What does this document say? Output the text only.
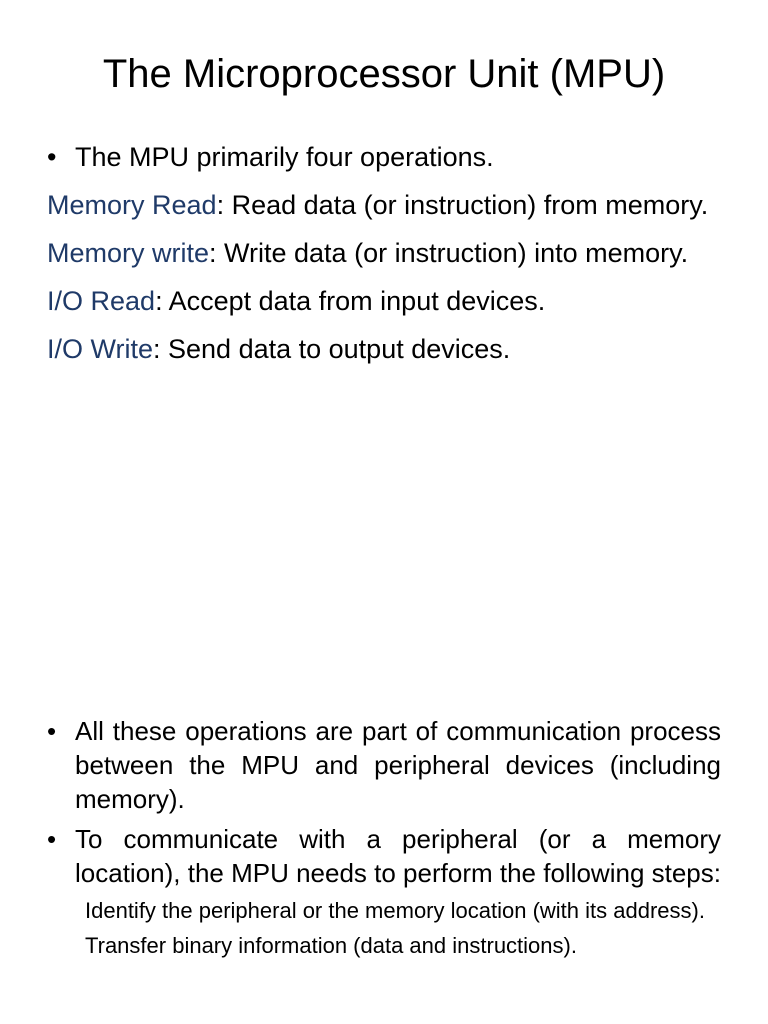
The Microprocessor Unit (MPU)
• The MPU primarily four operations.
Memory Read: Read data (or instruction) from memory.
Memory write: Write data (or instruction) into memory.
I/O Read: Accept data from input devices.
I/O Write: Send data to output devices.
• All these operations are part of communication process between the MPU and peripheral devices (including memory).
• To communicate with a peripheral (or a memory location), the MPU needs to perform the following steps:
Identify the peripheral or the memory location (with its address).
Transfer binary information (data and instructions).
